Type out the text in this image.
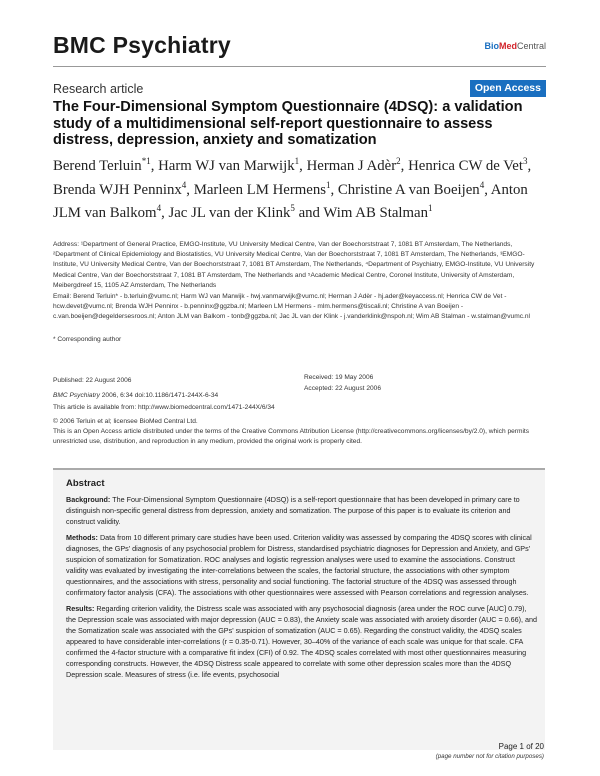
BMC Psychiatry	BioMedCentral
Research article	Open Access
The Four-Dimensional Symptom Questionnaire (4DSQ): a validation study of a multidimensional self-report questionnaire to assess distress, depression, anxiety and somatization
Berend Terluin$^{*1}$, Harm WJ van Marwijk$^1$, Herman J Adèr$^2$, Henrica CW de Vet$^3$, Brenda WJH Penninx$^4$, Marleen LM Hermens$^1$, Christine A van Boeijen$^4$, Anton JLM van Balkom$^4$, Jac JL van der Klink$^5$ and Wim AB Stalman$^1$
Address: ¹Department of General Practice, EMGO-Institute, VU University Medical Centre, Van der Boechorststraat 7, 1081 BT Amsterdam, The Netherlands, ²Department of Clinical Epidemiology and Biostatistics, VU University Medical Centre, Van der Boechorststraat 7, 1081 BT Amsterdam, The Netherlands, ³EMGO-Institute, VU University Medical Centre, Van der Boechorststraat 7, 1081 BT Amsterdam, The Netherlands, ⁴Department of Psychiatry, EMGO-Institute, VU University Medical Centre, Van der Boechorststraat 7, 1081 BT Amsterdam, The Netherlands and ⁵Academic Medical Centre, Coronel Institute, University of Amsterdam, Meibergdreef 15, 1105 AZ Amsterdam, The Netherlands
Email: Berend Terluin* - b.terluin@vumc.nl; Harm WJ van Marwijk - hwj.vanmarwijk@vumc.nl; Herman J Adèr - hj.ader@keyaccess.nl; Henrica CW de Vet - hcw.devet@vumc.nl; Brenda WJH Penninx - b.penninx@ggzba.nl; Marleen LM Hermens - mlm.hermens@tiscali.nl; Christine A van Boeijen - c.van.boeijen@degeldersesroos.nl; Anton JLM van Balkom - tonb@ggzba.nl; Jac JL van der Klink - j.vanderklink@nspoh.nl; Wim AB Stalman - w.stalman@vumc.nl
* Corresponding author
Published: 22 August 2006
BMC Psychiatry 2006, 6:34 doi:10.1186/1471-244X-6-34
Received: 19 May 2006
Accepted: 22 August 2006
This article is available from: http://www.biomedcentral.com/1471-244X/6/34
© 2006 Terluin et al; licensee BioMed Central Ltd.
This is an Open Access article distributed under the terms of the Creative Commons Attribution License (http://creativecommons.org/licenses/by/2.0), which permits unrestricted use, distribution, and reproduction in any medium, provided the original work is properly cited.
Abstract

Background: The Four-Dimensional Symptom Questionnaire (4DSQ) is a self-report questionnaire that has been developed in primary care to distinguish non-specific general distress from depression, anxiety and somatization. The purpose of this paper is to evaluate its criterion and construct validity.

Methods: Data from 10 different primary care studies have been used. Criterion validity was assessed by comparing the 4DSQ scores with clinical diagnoses, the GPs' diagnosis of any psychosocial problem for Distress, standardised psychiatric diagnoses for Depression and Anxiety, and GPs' suspicion of somatization for Somatization. ROC analyses and logistic regression analyses were used to examine the associations. Construct validity was evaluated by investigating the inter-correlations between the scales, the factorial structure, the associations with other symptom questionnaires, and the associations with stress, personality and social functioning. The factorial structure of the 4DSQ was assessed through confirmatory factor analysis (CFA). The associations with other questionnaires were assessed with Pearson correlations and regression analyses.

Results: Regarding criterion validity, the Distress scale was associated with any psychosocial diagnosis (area under the ROC curve [AUC] 0.79), the Depression scale was associated with major depression (AUC = 0.83), the Anxiety scale was associated with anxiety disorder (AUC = 0.66), and the Somatization scale was associated with the GPs' suspicion of somatization (AUC = 0.65). Regarding the construct validity, the 4DSQ scales appeared to have considerable inter-correlations (r = 0.35-0.71). However, 30–40% of the variance of each scale was unique for that scale. CFA confirmed the 4-factor structure with a comparative fit index (CFI) of 0.92. The 4DSQ scales correlated with most other questionnaires measuring corresponding constructs. However, the 4DSQ Distress scale appeared to correlate with some other depression scales more than the 4DSQ Depression scale. Measures of stress (i.e. life events, psychosocial

Page 1 of 20
(page number not for citation purposes)
